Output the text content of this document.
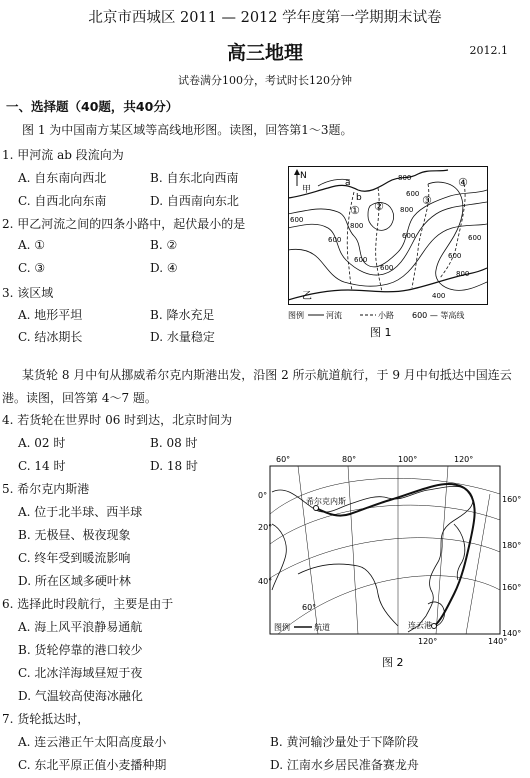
北京市西城区 2011 — 2012 学年度第一学期期末试卷
高三地理	2012.1
试卷满分100分，考试时长120分钟
一、选择题（40题，共40分）
图 1 为中国南方某区域等高线地形图。读图，回答第1～3题。
1. 甲河流 ab 段流向为
A. 自东南向西北	B. 自东北向西南
C. 自西北向东南	D. 自西南向东北
2. 甲乙河流之间的四条小路中，起伏最小的是
A. ①	B. ②
C. ③	D. ④
3. 该区域
A. 地形平坦	B. 降水充足
C. 结冰期长	D. 水量稳定
N
甲
a
b
乙
① ②	③
④
800
800
600
600
600
800
600
600
600
600
400
600
800
图例	河流	小路 600 — 等高线
图 1
某货轮 8 月中旬从挪威希尔克内斯港出发，沿图 2 所示航道航行，于 9 月中旬抵达中国连云
港。读图，回答第 4～7 题。
4. 若货轮在世界时 06 时到达，北京时间为
A. 02 时	B. 08 时
C. 14 时	D. 18 时
5. 希尔克内斯港
A. 位于北半球、西半球
B. 无极昼、极夜现象
C. 终年受到暖流影响
D. 所在区域多硬叶林
6. 选择此时段航行，主要是由于
A. 海上风平浪静易通航
B. 货轮停靠的港口较少
C. 北冰洋海域昼短于夜
D. 气温较高使海冰融化
7. 货轮抵达时，
A. 连云港正午太阳高度最小	B. 黄河输沙量处于下降阶段
C. 东北平原正值小麦播种期	D. 江南水乡居民准备赛龙舟
希尔克内斯
连云港
60°	80°	100°	120°
0°
20°
40°
160°
180°
160°
140°
60°
120°	140°
图例	航道
图 2
